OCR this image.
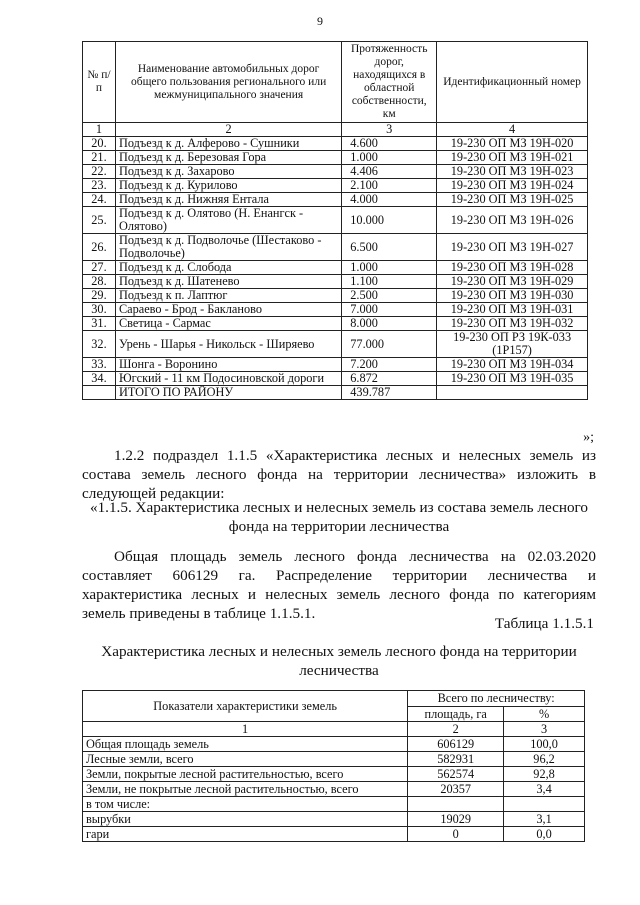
9
№ п/п	Наименование автомобильных дорог общего пользования регионального или межмуниципального значения	Протяженность дорог, находящихся в областной собственности, км	Идентификационный номер
1	2	3	4
20.	Подъезд к д. Алферово - Сушники	4.600	19-230 ОП МЗ 19Н-020
21.	Подъезд к д. Березовая Гора	1.000	19-230 ОП МЗ 19Н-021
22.	Подъезд к д. Захарово	4.406	19-230 ОП МЗ 19Н-023
23.	Подъезд к д. Курилово	2.100	19-230 ОП МЗ 19Н-024
24.	Подъезд к д. Нижняя Ентала	4.000	19-230 ОП МЗ 19Н-025
25.	Подъезд к д. Олятово (Н. Енангск - Олятово)	10.000	19-230 ОП МЗ 19Н-026
26.	Подъезд к д. Подволочье (Шестаково - Подволочье)	6.500	19-230 ОП МЗ 19Н-027
27.	Подъезд к д. Слобода	1.000	19-230 ОП МЗ 19Н-028
28.	Подъезд к д. Шатенево	1.100	19-230 ОП МЗ 19Н-029
29.	Подъезд к п. Лаптюг	2.500	19-230 ОП МЗ 19Н-030
30.	Сараево - Брод - Бакланово	7.000	19-230 ОП МЗ 19Н-031
31.	Светица - Сармас	8.000	19-230 ОП МЗ 19Н-032
32.	Урень - Шарья - Никольск - Ширяево	77.000	19-230 ОП РЗ 19К-033 (1Р157)
33.	Шонга - Воронино	7.200	19-230 ОП МЗ 19Н-034
34.	Югский - 11 км Подосиновской дороги	6.872	19-230 ОП МЗ 19Н-035
	ИТОГО ПО РАЙОНУ	439.787	
»;

1.2.2 подраздел 1.1.5 «Характеристика лесных и нелесных земель из состава земель лесного фонда на территории лесничества» изложить в следующей редакции:

«1.1.5. Характеристика лесных и нелесных земель из состава земель лесного фонда на территории лесничества

Общая площадь земель лесного фонда лесничества на 02.03.2020 составляет 606129 га. Распределение территории лесничества и характеристика лесных и нелесных земель лесного фонда по категориям земель приведены в таблице 1.1.5.1.

Таблица 1.1.5.1

Характеристика лесных и нелесных земель лесного фонда на территории лесничества

Показатели характеристики земель	Всего по лесничеству:	
	площадь, га	%
1	2	3
Общая площадь земель	606129	100,0
Лесные земли, всего	582931	96,2
Земли, покрытые лесной растительностью, всего	562574	92,8
Земли, не покрытые лесной растительностью, всего	20357	3,4
в том числе:		
вырубки	19029	3,1
гари	0	0,0
